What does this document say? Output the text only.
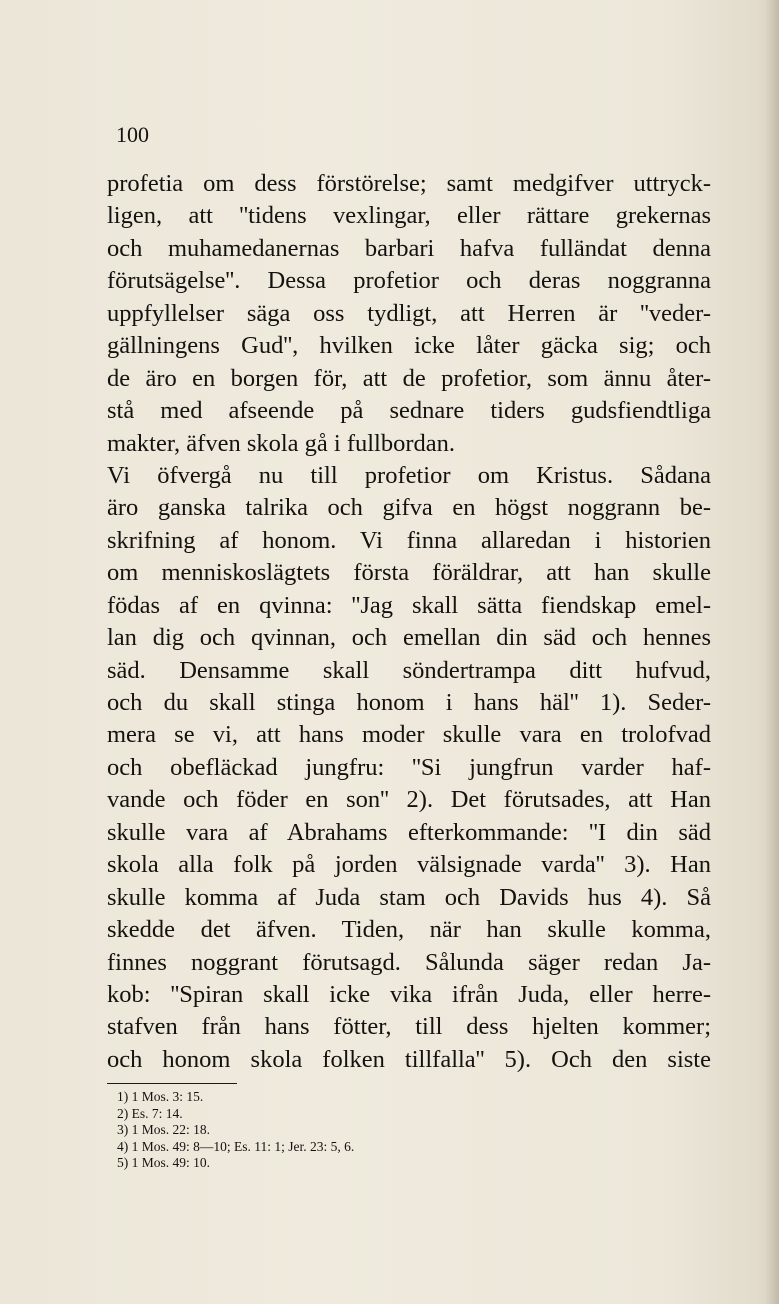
100
profetia om dess förstörelse; samt medgifver uttryck-
ligen, att ''tidens vexlingar, eller rättare grekernas
och muhamedanernas barbari hafva fulländat denna
förutsägelse''. Dessa profetior och deras noggranna
uppfyllelser säga oss tydligt, att Herren är ''veder-
gällningens Gud'', hvilken icke låter gäcka sig; och
de äro en borgen för, att de profetior, som ännu åter-
stå med afseende på sednare tiders gudsfiendtliga
makter, äfven skola gå i fullbordan.
Vi öfvergå nu till profetior om Kristus. Sådana
äro ganska talrika och gifva en högst noggrann be-
skrifning af honom. Vi finna allaredan i historien
om menniskoslägtets första föräldrar, att han skulle
födas af en qvinna: ''Jag skall sätta fiendskap emel-
lan dig och qvinnan, och emellan din säd och hennes
säd. Densamme skall söndertrampa ditt hufvud,
och du skall stinga honom i hans häl'' 1). Seder-
mera se vi, att hans moder skulle vara en trolofvad
och obefläckad jungfru: ''Si jungfrun varder haf-
vande och föder en son'' 2). Det förutsades, att Han
skulle vara af Abrahams efterkommande: ''I din säd
skola alla folk på jorden välsignade varda'' 3). Han
skulle komma af Juda stam och Davids hus 4). Så
skedde det äfven. Tiden, när han skulle komma,
finnes noggrant förutsagd. Sålunda säger redan Ja-
kob: ''Spiran skall icke vika ifrån Juda, eller herre-
stafven från hans fötter, till dess hjelten kommer;
och honom skola folken tillfalla'' 5). Och den siste
1) 1 Mos. 3: 15.
2) Es. 7: 14.
3) 1 Mos. 22: 18.
4) 1 Mos. 49: 8—10; Es. 11: 1; Jer. 23: 5, 6.
5) 1 Mos. 49: 10.
